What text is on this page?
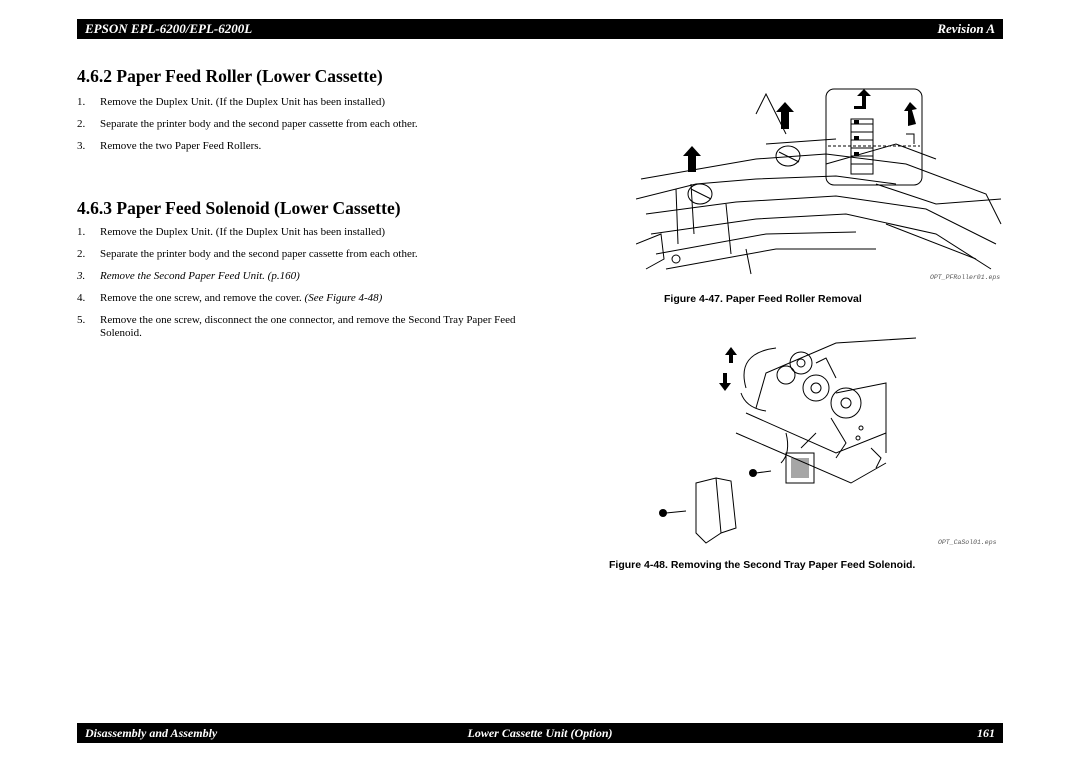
EPSON EPL-6200/EPL-6200L	Revision A
4.6.2 Paper Feed Roller (Lower Cassette)
1. Remove the Duplex Unit. (If the Duplex Unit has been installed)
2. Separate the printer body and the second paper cassette from each other.
3. Remove the two Paper Feed Rollers.
4.6.3 Paper Feed Solenoid (Lower Cassette)
1. Remove the Duplex Unit. (If the Duplex Unit has been installed)
2. Separate the printer body and the second paper cassette from each other.
3. Remove the Second Paper Feed Unit. (p.160)
4. Remove the one screw, and remove the cover. (See Figure 4-48)
5. Remove the one screw, disconnect the one connector, and remove the Second Tray Paper Feed Solenoid.
OPT_PFRoller01.eps
Figure 4-47. Paper Feed Roller Removal
OPT_CaSol01.eps
Figure 4-48. Removing the Second Tray Paper Feed Solenoid.
Disassembly and Assembly	Lower Cassette Unit (Option)	161
